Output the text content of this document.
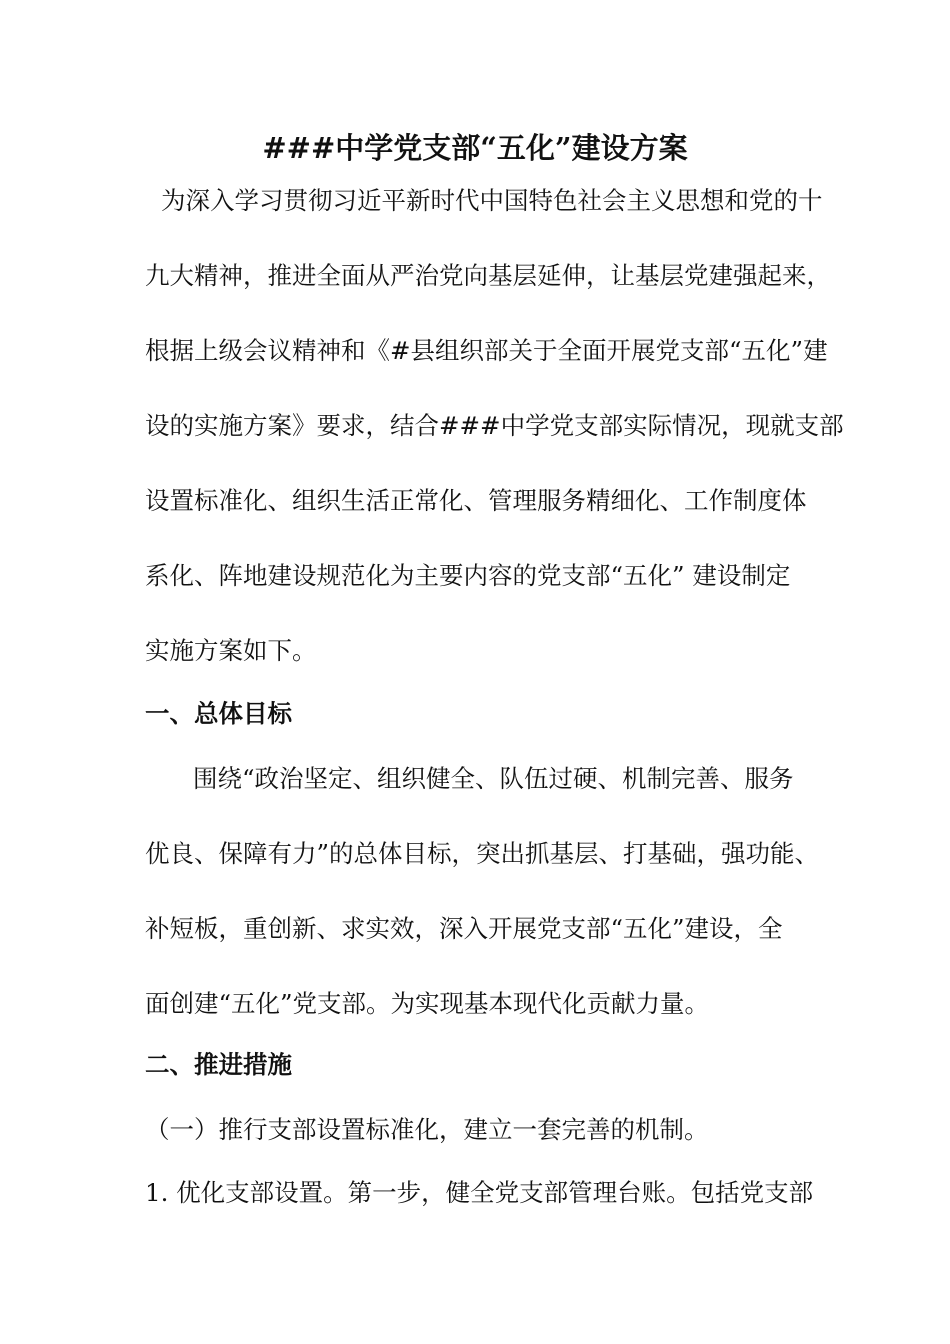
###中学党支部“五化”建设方案
为深入学习贯彻习近平新时代中国特色社会主义思想和党的十
九大精神，推进全面从严治党向基层延伸，让基层党建强起来，
根据上级会议精神和《#县组织部关于全面开展党支部“五化”建
设的实施方案》要求，结合###中学党支部实际情况，现就支部
设置标准化、组织生活正常化、管理服务精细化、工作制度体
系化、阵地建设规范化为主要内容的党支部“五化” 建设制定
实施方案如下。
一、总体目标
围绕“政治坚定、组织健全、队伍过硬、机制完善、服务
优良、保障有力”的总体目标，突出抓基层、打基础，强功能、
补短板，重创新、求实效，深入开展党支部“五化”建设，全
面创建“五化”党支部。为实现基本现代化贡献力量。
二、推进措施
（一）推行支部设置标准化，建立一套完善的机制。
1. 优化支部设置。第一步，健全党支部管理台账。包括党支部
